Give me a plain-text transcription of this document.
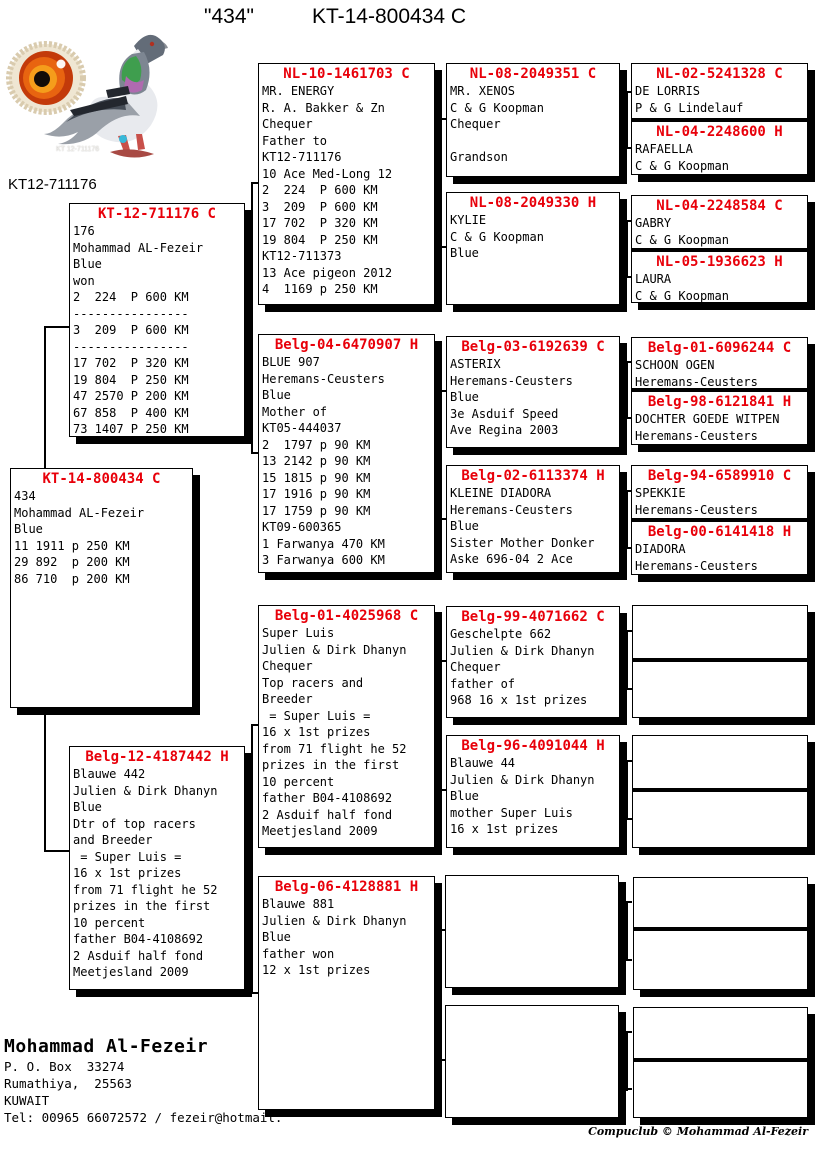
"434"	KT-14-800434 C
KT 12-711176
KT12-711176
KT-14-800434 C
434
Mohammad AL-Fezeir
Blue
11 1911 p 250 KM
29 892  p 200 KM
86 710  p 200 KM
KT-12-711176 C
176
Mohammad AL-Fezeir
Blue
won
2  224  P 600 KM
----------------
3  209  P 600 KM
----------------
17 702  P 320 KM
19 804  P 250 KM
47 2570 P 200 KM
67 858  P 400 KM
73 1407 P 250 KM
Belg-12-4187442 H
Blauwe 442
Julien & Dirk Dhanyn
Blue
Dtr of top racers
and Breeder
= Super Luis =
16 x 1st prizes
from 71 flight he 52
prizes in the first
10 percent
father B04-4108692
2 Asduif half fond
Meetjesland 2009
NL-10-1461703 C
MR. ENERGY
R. A. Bakker & Zn
Chequer
Father to
KT12-711176
10 Ace Med-Long 12
2  224  P 600 KM
3  209  P 600 KM
17 702  P 320 KM
19 804  P 250 KM
KT12-711373
13 Ace pigeon 2012
4  1169 p 250 KM
Belg-04-6470907 H
BLUE 907
Heremans-Ceusters
Blue
Mother of
KT05-444037
2  1797 p 90 KM
13 2142 p 90 KM
15 1815 p 90 KM
17 1916 p 90 KM
17 1759 p 90 KM
KT09-600365
1 Farwanya 470 KM
3 Farwanya 600 KM
Belg-01-4025968 C
Super Luis
Julien & Dirk Dhanyn
Chequer
Top racers and
Breeder
= Super Luis =
16 x 1st prizes
from 71 flight he 52
prizes in the first
10 percent
father B04-4108692
2 Asduif half fond
Meetjesland 2009
Belg-06-4128881 H
Blauwe 881
Julien & Dirk Dhanyn
Blue
father won
12 x 1st prizes
NL-08-2049351 C
MR. XENOS
C & G Koopman
Chequer

Grandson
NL-08-2049330 H
KYLIE
C & G Koopman
Blue
Belg-03-6192639 C
ASTERIX
Heremans-Ceusters
Blue
3e Asduif Speed
Ave Regina 2003
Belg-02-6113374 H
KLEINE DIADORA
Heremans-Ceusters
Blue
Sister Mother Donker
Aske 696-04 2 Ace
Belg-99-4071662 C
Geschelpte 662
Julien & Dirk Dhanyn
Chequer
father of
968 16 x 1st prizes
Belg-96-4091044 H
Blauwe 44
Julien & Dirk Dhanyn
Blue
mother Super Luis
16 x 1st prizes
NL-02-5241328 C
DE LORRIS
P & G Lindelauf
NL-04-2248600 H
RAFAELLA
C & G Koopman
NL-04-2248584 C
GABRY
C & G Koopman
NL-05-1936623 H
LAURA
C & G Koopman
Belg-01-6096244 C
SCHOON OGEN
Heremans-Ceusters
Belg-98-6121841 H
DOCHTER GOEDE WITPEN
Heremans-Ceusters
Belg-94-6589910 C
SPEKKIE
Heremans-Ceusters
Belg-00-6141418 H
DIADORA
Heremans-Ceusters
Mohammad Al-Fezeir
P. O. Box  33274
Rumathiya,  25563
KUWAIT
Tel: 00965 66072572 / fezeir@hotmail.
Compuclub © Mohammad Al-Fezeir
